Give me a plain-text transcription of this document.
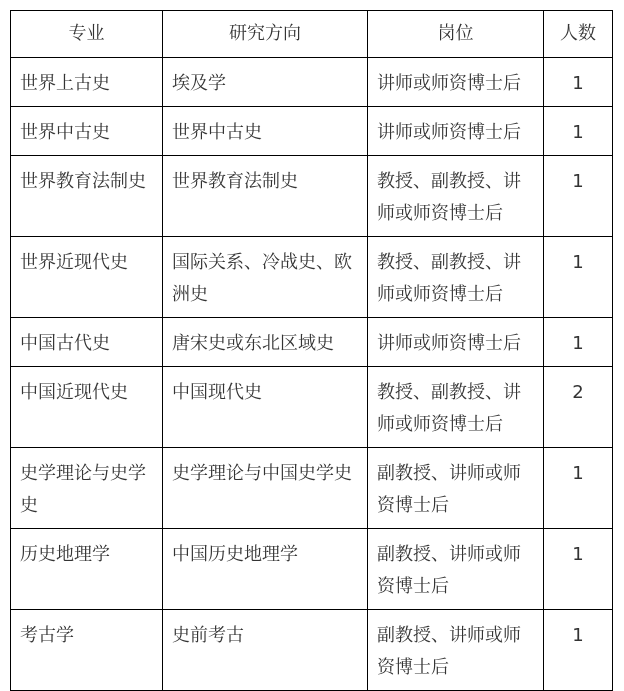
专业	研究方向	岗位	人数
世界上古史	埃及学	讲师或师资博士后	1
世界中古史	世界中古史	讲师或师资博士后	1
世界教育法制史	世界教育法制史	教授、副教授、讲师或师资博士后	1
世界近现代史	国际关系、冷战史、欧洲史	教授、副教授、讲师或师资博士后	1
中国古代史	唐宋史或东北区域史	讲师或师资博士后	1
中国近现代史	中国现代史	教授、副教授、讲师或师资博士后	2
史学理论与史学史	史学理论与中国史学史	副教授、讲师或师资博士后	1
历史地理学	中国历史地理学	副教授、讲师或师资博士后	1
考古学	史前考古	副教授、讲师或师资博士后	1
